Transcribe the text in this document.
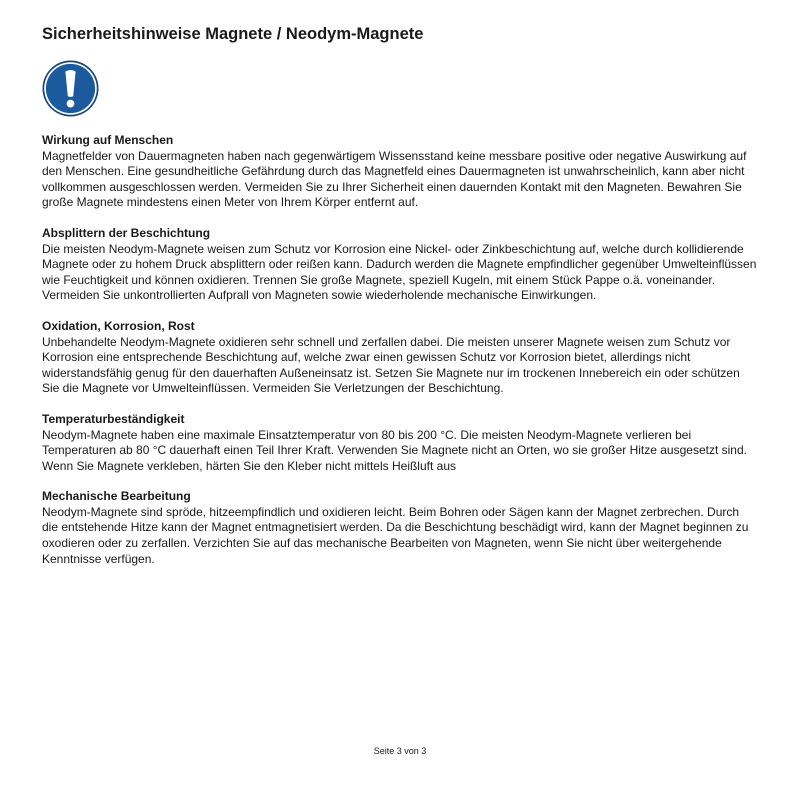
Sicherheitshinweise Magnete / Neodym-Magnete
Wirkung auf Menschen

Magnetfelder von Dauermagneten haben nach gegenwärtigem Wissensstand keine messbare positive oder negative Auswirkung auf den Menschen. Eine gesundheitliche Gefährdung durch das Magnetfeld eines Dauermagneten ist unwahrscheinlich, kann aber nicht vollkommen ausgeschlossen werden. Vermeiden Sie zu Ihrer Sicherheit einen dauernden Kontakt mit den Magneten. Bewahren Sie große Magnete mindestens einen Meter von Ihrem Körper entfernt auf.

Absplittern der Beschichtung

Die meisten Neodym-Magnete weisen zum Schutz vor Korrosion eine Nickel- oder Zinkbeschichtung auf, welche durch kollidierende Magnete oder zu hohem Druck absplittern oder reißen kann. Dadurch werden die Magnete empfindlicher gegenüber Umwelteinflüssen wie Feuchtigkeit und können oxidieren. Trennen Sie große Magnete, speziell Kugeln, mit einem Stück Pappe o.ä. voneinander. Vermeiden Sie unkontrollierten Aufprall von Magneten sowie wiederholende mechanische Einwirkungen.

Oxidation, Korrosion, Rost

Unbehandelte Neodym-Magnete oxidieren sehr schnell und zerfallen dabei. Die meisten unserer Magnete weisen zum Schutz vor Korrosion eine entsprechende Beschichtung auf, welche zwar einen gewissen Schutz vor Korrosion bietet, allerdings nicht widerstandsfähig genug für den dauerhaften Außeneinsatz ist. Setzen Sie Magnete nur im trockenen Innebereich ein oder schützen Sie die Magnete vor Umwelteinflüssen. Vermeiden Sie Verletzungen der Beschichtung.

Temperaturbeständigkeit

Neodym-Magnete haben eine maximale Einsatztemperatur von 80 bis 200 °C. Die meisten Neodym-Magnete verlieren bei Temperaturen ab 80 °C dauerhaft einen Teil Ihrer Kraft. Verwenden Sie Magnete nicht an Orten, wo sie großer Hitze ausgesetzt sind. Wenn Sie Magnete verkleben, härten Sie den Kleber nicht mittels Heißluft aus

Mechanische Bearbeitung

Neodym-Magnete sind spröde, hitzeempfindlich und oxidieren leicht. Beim Bohren oder Sägen kann der Magnet zerbrechen. Durch die entstehende Hitze kann der Magnet entmagnetisiert werden. Da die Beschichtung beschädigt wird, kann der Magnet beginnen zu oxodieren oder zu zerfallen. Verzichten Sie auf das mechanische Bearbeiten von Magneten, wenn Sie nicht über weitergehende Kenntnisse verfügen.

Seite 3 von 3
